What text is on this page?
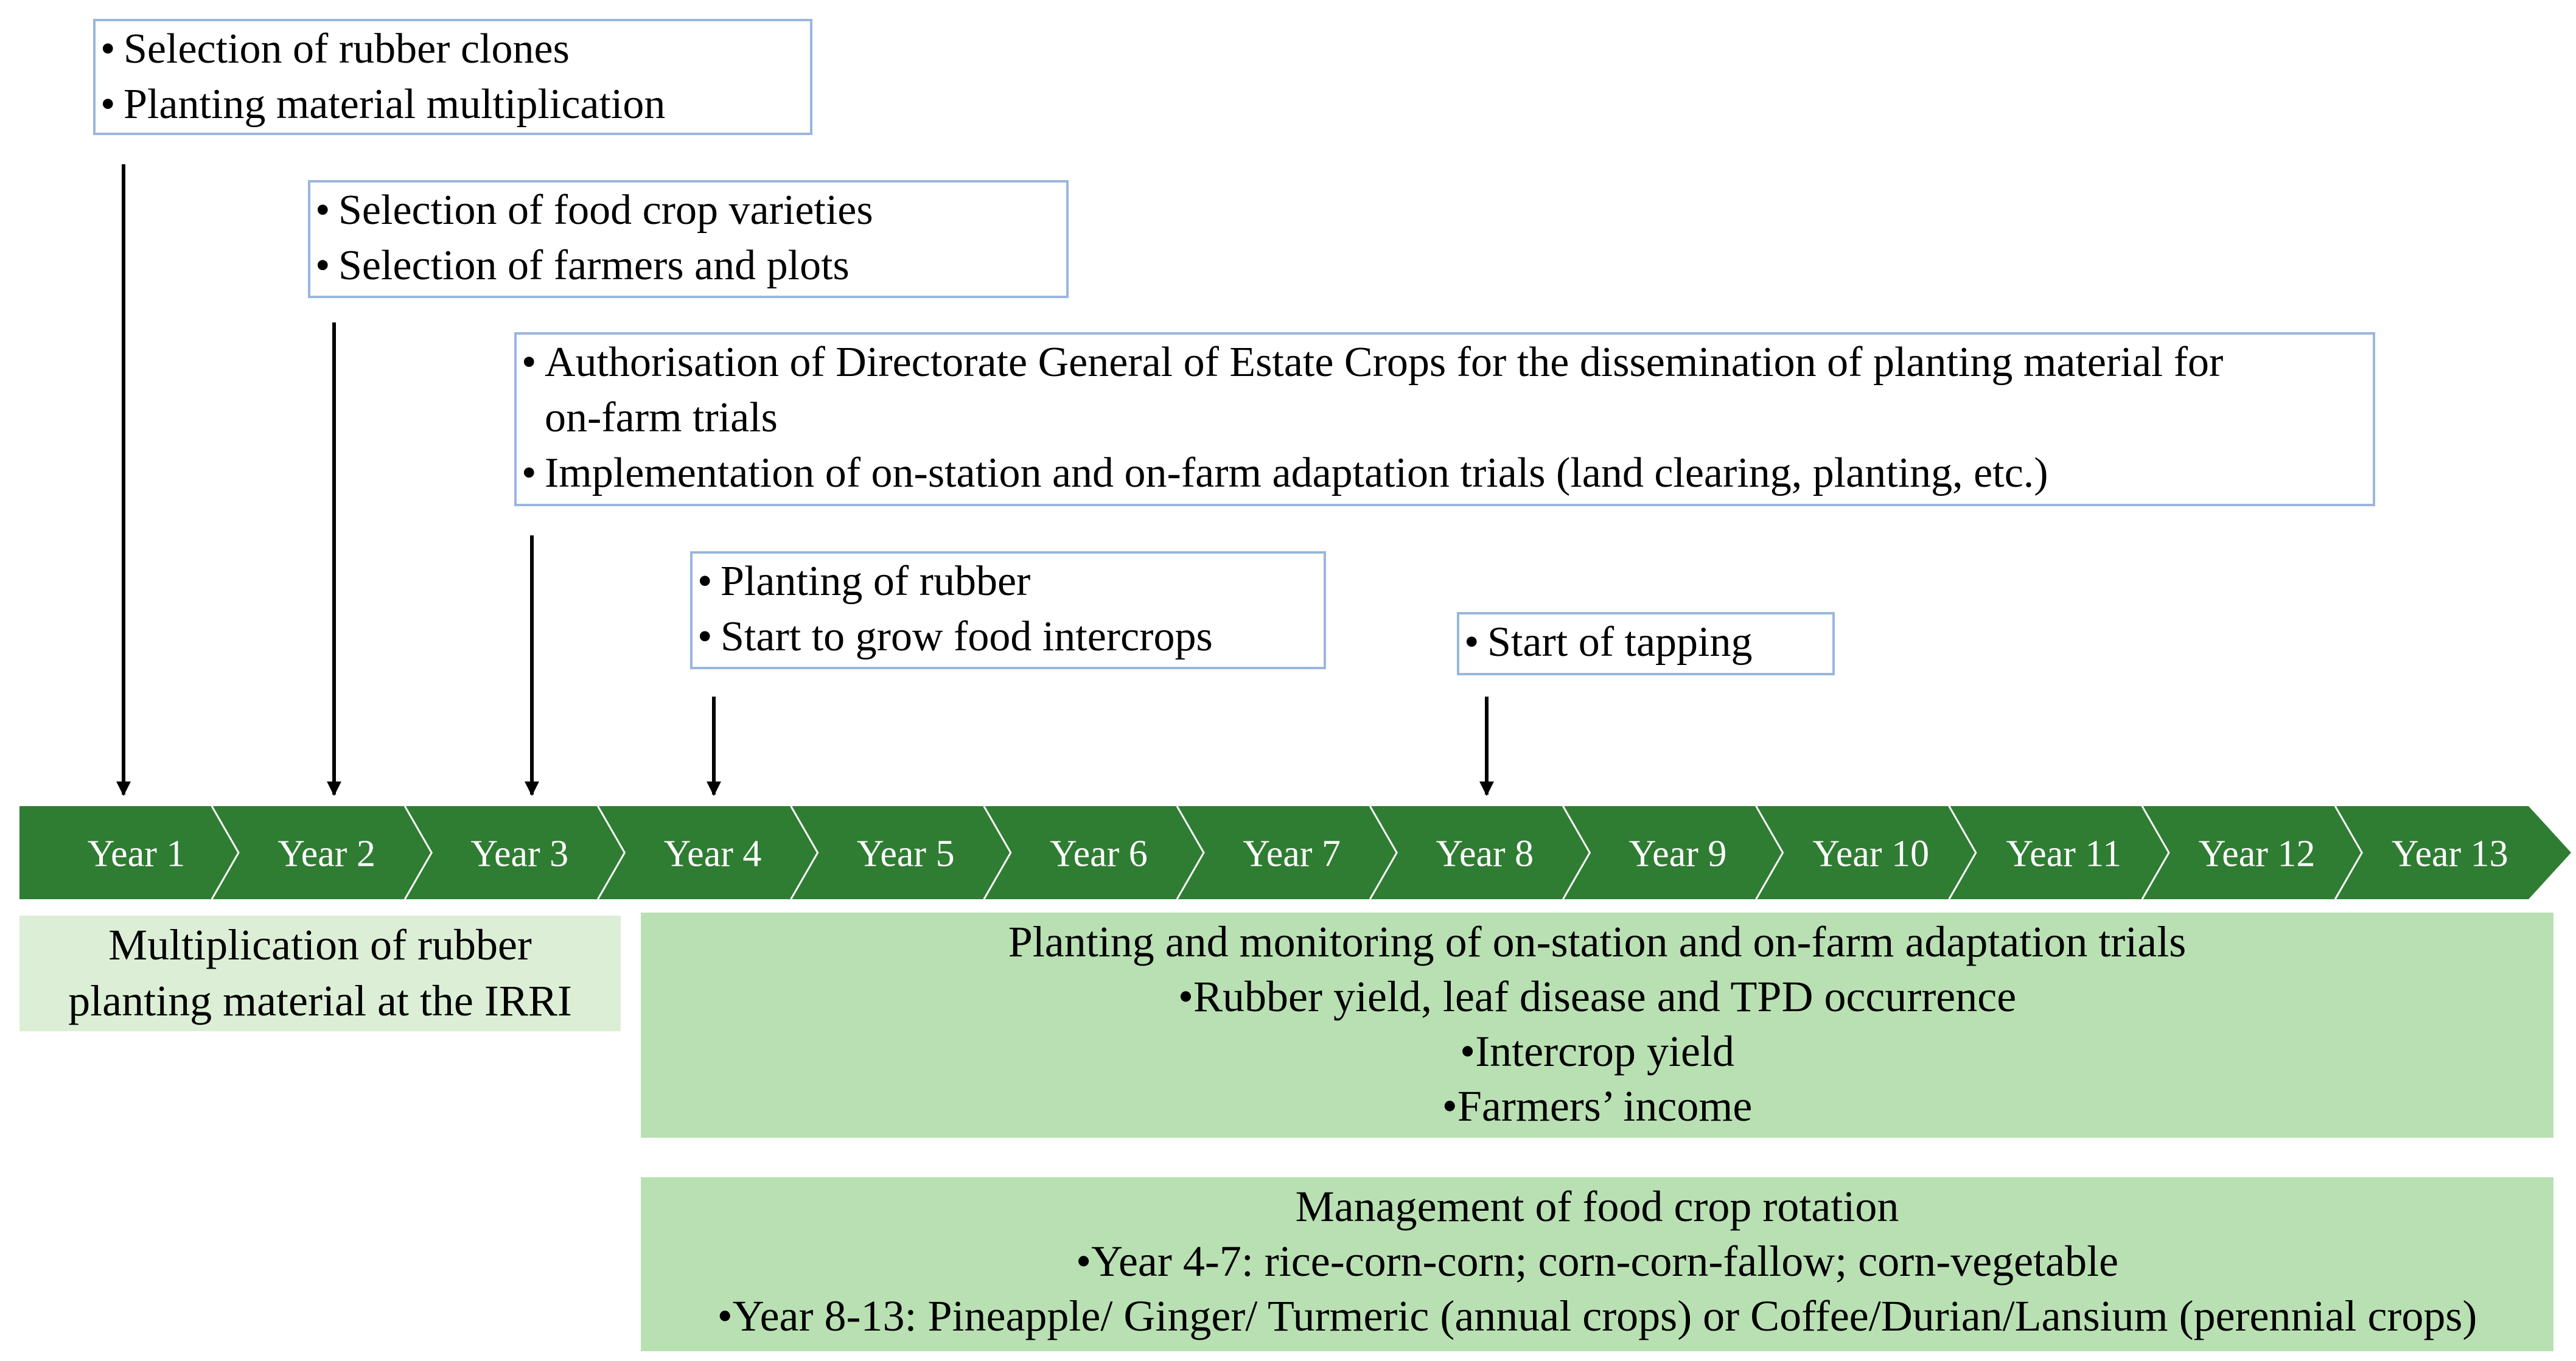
• Selection of rubber clones
• Planting material multiplication
• Selection of food crop varieties
• Selection of farmers and plots
• Authorisation of Directorate General of Estate Crops for the dissemination of planting material for
on-farm trials
• Implementation of on-station and on-farm adaptation trials (land clearing, planting, etc.)
• Planting of rubber
• Start to grow food intercrops	• Start of tapping
Year 1 Year 2	Year 3	Year 4	Year 5	Year 6	Year 7	Year 8	Year 9 Year 10 Year 11 Year 12 Year 13
Multiplication of rubber
planting material at the IRRI
Planting and monitoring of on-station and on-farm adaptation trials
•Rubber yield, leaf disease and TPD occurrence
•Intercrop yield
•Farmers’ income
Management of food crop rotation
•Year 4-7: rice-corn-corn; corn-corn-fallow; corn-vegetable
•Year 8-13: Pineapple/ Ginger/ Turmeric (annual crops) or Coffee/Durian/Lansium (perennial crops)
